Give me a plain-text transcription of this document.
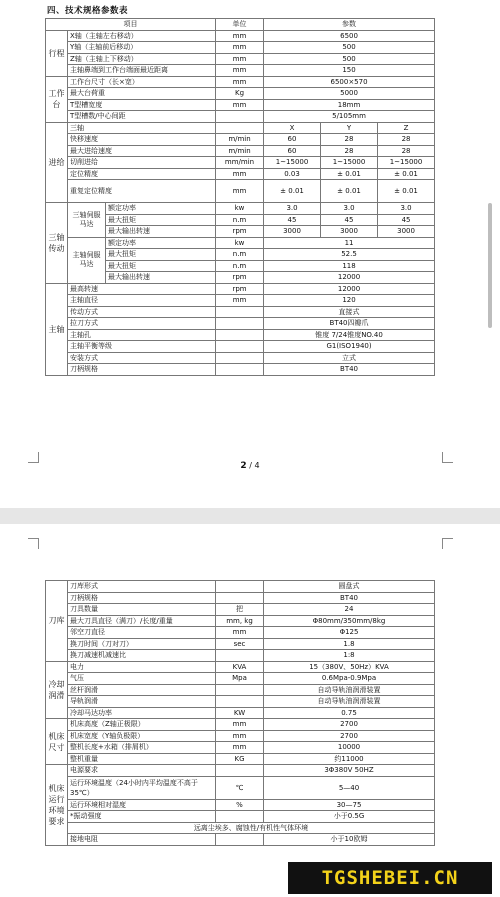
四、技术规格参数表
项目			单位	参数		
行程	X轴（主轴左右移动）		mm	6500		
	Y轴（主轴前后移动）		mm	500		
	Z轴（主轴上下移动）		mm	500		
	主轴鼻端到工作台端面最近距离		mm	150		
工作台	工作台尺寸（长×宽）		mm	6500×570		
	最大台荷重		Kg	5000		
	T型槽宽度		mm	18mm		
	T型槽数/中心间距			5/105mm		
进给	三轴			X	Y	Z
	快移速度		m/min	60	28	28
	最大进给速度		m/min	60	28	28
	切削进给		mm/min	1~15000	1~15000	1~15000
	定位精度		mm	0.03	± 0.01	± 0.01
	重复定位精度		mm	± 0.01	± 0.01	± 0.01
三轴传动	三轴伺服马达	额定功率	kw	3.0	3.0	3.0
		最大扭矩	n.m	45	45	45
		最大输出转速	rpm	3000	3000	3000
	主轴伺服马达	额定功率	kw	11		
		最大扭矩	n.m	52.5		
		最大扭矩	n.m	118		
		最大输出转速	rpm	12000		
主轴	最高转速		rpm	12000		
	主轴直径		mm	120		
	传动方式			直接式		
	拉刀方式			BT40四瓣爪		
	主轴孔			锥度 7/24锥度NO.40		
	主轴平衡等级			G1(ISO1940)		
	安装方式			立式		
	刀柄规格			BT40		
2 / 4
刀库	刀库形式		圆盘式
	刀柄规格		BT40
	刀具数量	把	24
	最大刀具直径（满刀）/长度/重量	mm, kg	Φ80mm/350mm/8kg
	邻空刀直径	mm	Φ125
	换刀时间（刀对刀）	sec	1.8
	换刀减速机减速比		1:8
冷却润滑	电力	KVA	15（380V、50Hz）KVA
	气压	Mpa	0.6Mpa-0.9Mpa
	丝杆润滑		自动导轨油润滑装置
	导轨润滑		自动导轨油润滑装置
	冷却马达功率	KW	0.75
机床尺寸	机床高度（Z轴正极限）	mm	2700
	机床宽度（Y轴负极限）	mm	2700
	整机长度+水箱（排屑机）	mm	10000
	整机重量	KG	约11000
机床运行环境要求	电源要求		3Φ380V 50HZ
	运行环境温度（24小时内平均温度不高于35℃）	℃	5—40
	运行环境相对湿度	%	30—75
	*振动强度		小于0.5G
	远离尘埃多、腐蚀性/有机性气体环境		
	接地电阻		小于10欧姆
TGSHEBEI.CN
